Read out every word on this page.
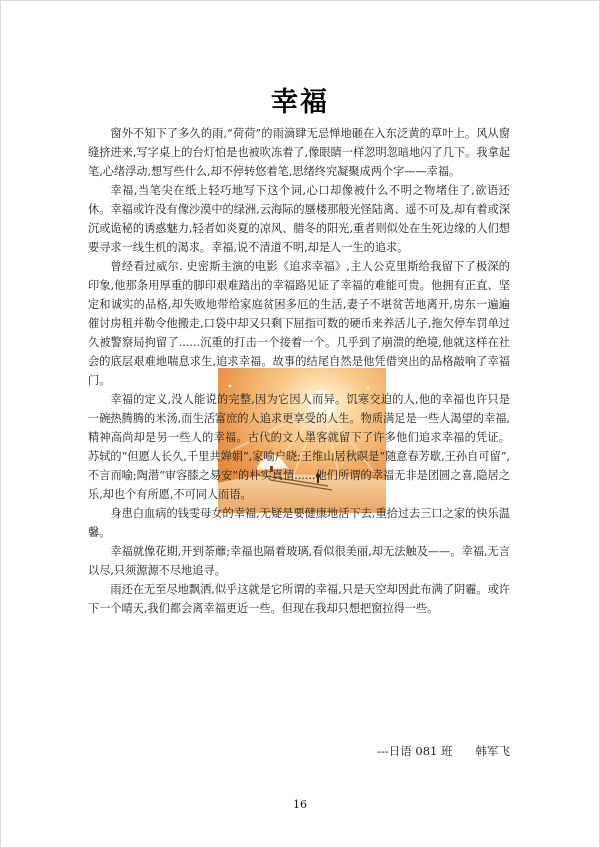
幸福

窗外不知下了多久的雨,“荷荷”的雨滴肆无忌惮地砸在入东泛黄的草叶上。风从窗缝挤进来,写字桌上的台灯怕是也被吹冻着了,像眼睛一样忽明忽暗地闪了几下。我拿起笔,心绪浮动,想写些什么,却不停转悠着笔,思绪终究凝聚成两个字——幸福。

幸福,当笔尖在纸上轻巧地写下这个词,心口却像被什么不明之物堵住了,欲语还休。幸福或许没有像沙漠中的绿洲,云海际的蜃楼那般光怪陆离、遥不可及,却有着或深沉或诡秘的诱惑魅力,轻者如炎夏的凉风、腊冬的阳光,重者则似处在生死边缘的人们想要寻求一线生机的渴求。幸福,说不清道不明,却是人一生的追求。

曾经看过威尔. 史密斯主演的电影《追求幸福》,主人公克里斯给我留下了极深的印象,他那条用厚重的脚印艰难踏出的幸福路见证了幸福的难能可贵。他拥有正直、坚定和诚实的品格,却失败地带给家庭贫困多厄的生活,妻子不堪贫苦地离开,房东一遍遍催讨房租并勒令他搬走,口袋中却又只剩下屈指可数的硬币来养活儿子,拖欠停车罚单过久被警察局拘留了......沉重的打击一个接着一个。几乎到了崩溃的绝境,他就这样在社会的底层艰难地喘息求生,追求幸福。故事的结尾自然是他凭借突出的品格敲响了幸福门。

幸福的定义,没人能说的完整,因为它因人而异。饥寒交迫的人,他的幸福也许只是一碗热腾腾的米汤,而生活富庶的人追求更享受的人生。物质满足是一些人渴望的幸福,精神高尚却是另一些人的幸福。古代的文人墨客就留下了许多他们追求幸福的凭证。苏轼的“但愿人长久,千里共婵娟”,家喻户晓;王维山居秋暝是“随意春芳歇,王孙自可留”,不言而喻;陶潜“审容膝之易安”的朴实真情......他们所谓的幸福无非是团圆之喜,隐居之乐,却也个有所愿,不可同人而语。

身患白血病的钱雯母女的幸福,无疑是要健康地活下去,重拾过去三口之家的快乐温馨。

幸福就像花期,开到荼蘼;幸福也隔着玻璃,看似很美丽,却无法触及——。幸福,无言以尽,只须源源不尽地追寻。

雨还在无至尽地飘洒,似乎这就是它所谓的幸福,只是天空却因此布满了阴霾。或许下一个晴天,我们都会离幸福更近一些。但现在我却只想把窗拉得一些。

---日语 081 班　　韩军飞
16
